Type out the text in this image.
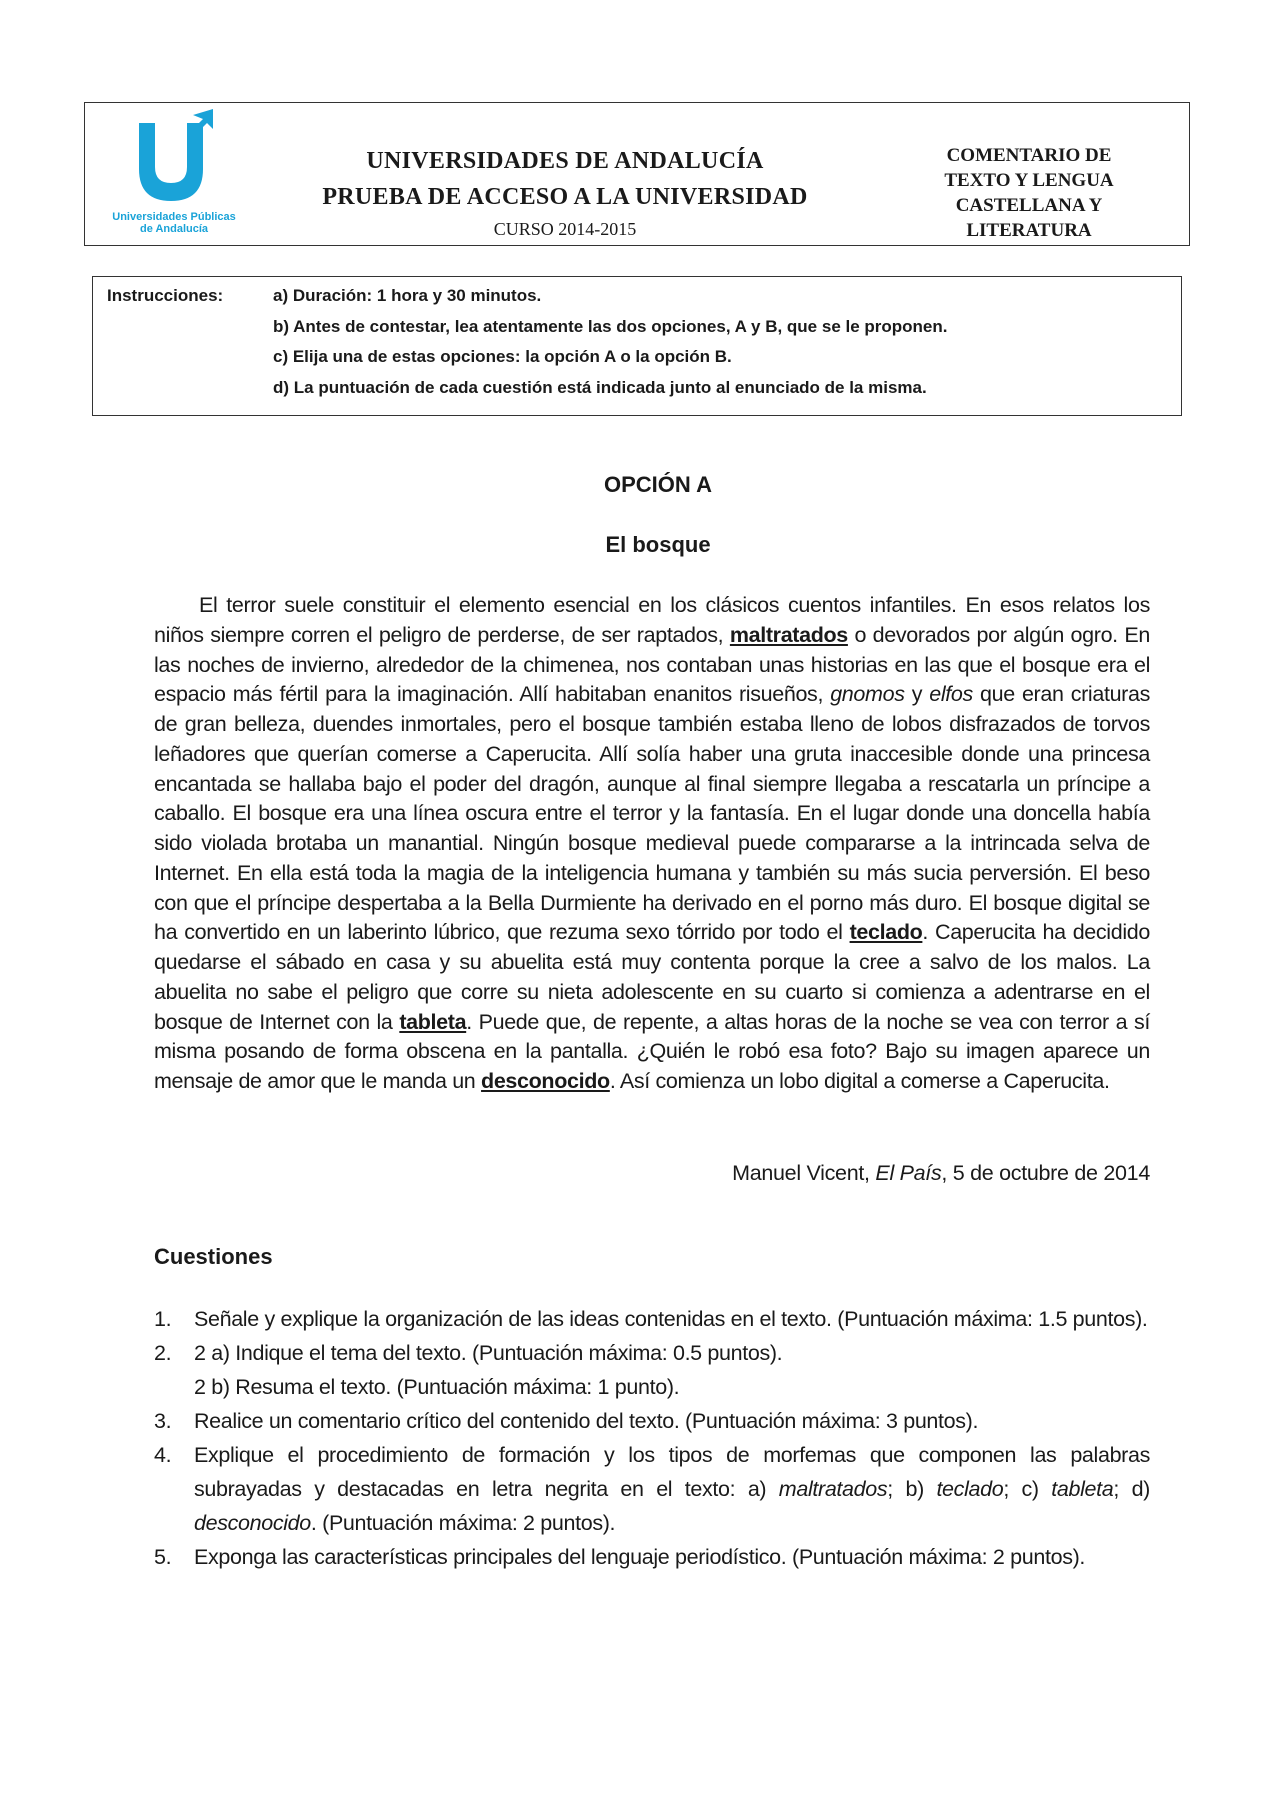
Universidades Públicas
de Andalucía
UNIVERSIDADES DE ANDALUCÍA
PRUEBA DE ACCESO A LA UNIVERSIDAD
CURSO 2014-2015
COMENTARIO DE
TEXTO Y LENGUA
CASTELLANA Y
LITERATURA
Instrucciones:	a) Duración: 1 hora y 30 minutos.
b) Antes de contestar, lea atentamente las dos opciones, A y B, que se le proponen.
c) Elija una de estas opciones: la opción A o la opción B.
d) La puntuación de cada cuestión está indicada junto al enunciado de la misma.
OPCIÓN A
El bosque
El terror suele constituir el elemento esencial en los clásicos cuentos infantiles. En esos relatos los niños siempre corren el peligro de perderse, de ser raptados, maltratados o devorados por algún ogro. En las noches de invierno, alrededor de la chimenea, nos contaban unas historias en las que el bosque era el espacio más fértil para la imaginación. Allí habitaban enanitos risueños, gnomos y elfos que eran criaturas de gran belleza, duendes inmortales, pero el bosque también estaba lleno de lobos disfrazados de torvos leñadores que querían comerse a Caperucita. Allí solía haber una gruta inaccesible donde una princesa encantada se hallaba bajo el poder del dragón, aunque al final siempre llegaba a rescatarla un príncipe a caballo. El bosque era una línea oscura entre el terror y la fantasía. En el lugar donde una doncella había sido violada brotaba un manantial. Ningún bosque medieval puede compararse a la intrincada selva de Internet. En ella está toda la magia de la inteligencia humana y también su más sucia perversión. El beso con que el príncipe despertaba a la Bella Durmiente ha derivado en el porno más duro. El bosque digital se ha convertido en un laberinto lúbrico, que rezuma sexo tórrido por todo el teclado. Caperucita ha decidido quedarse el sábado en casa y su abuelita está muy contenta porque la cree a salvo de los malos. La abuelita no sabe el peligro que corre su nieta adolescente en su cuarto si comienza a adentrarse en el bosque de Internet con la tableta. Puede que, de repente, a altas horas de la noche se vea con terror a sí misma posando de forma obscena en la pantalla. ¿Quién le robó esa foto? Bajo su imagen aparece un mensaje de amor que le manda un desconocido. Así comienza un lobo digital a comerse a Caperucita.
Manuel Vicent, El País, 5 de octubre de 2014
Cuestiones
1. Señale y explique la organización de las ideas contenidas en el texto. (Puntuación máxima: 1.5 puntos).
2. 2 a) Indique el tema del texto. (Puntuación máxima: 0.5 puntos).
2 b) Resuma el texto. (Puntuación máxima: 1 punto).
3. Realice un comentario crítico del contenido del texto. (Puntuación máxima: 3 puntos).
4. Explique el procedimiento de formación y los tipos de morfemas que componen las palabras subrayadas y destacadas en letra negrita en el texto: a) maltratados; b) teclado; c) tableta; d) desconocido. (Puntuación máxima: 2 puntos).
5. Exponga las características principales del lenguaje periodístico. (Puntuación máxima: 2 puntos).
